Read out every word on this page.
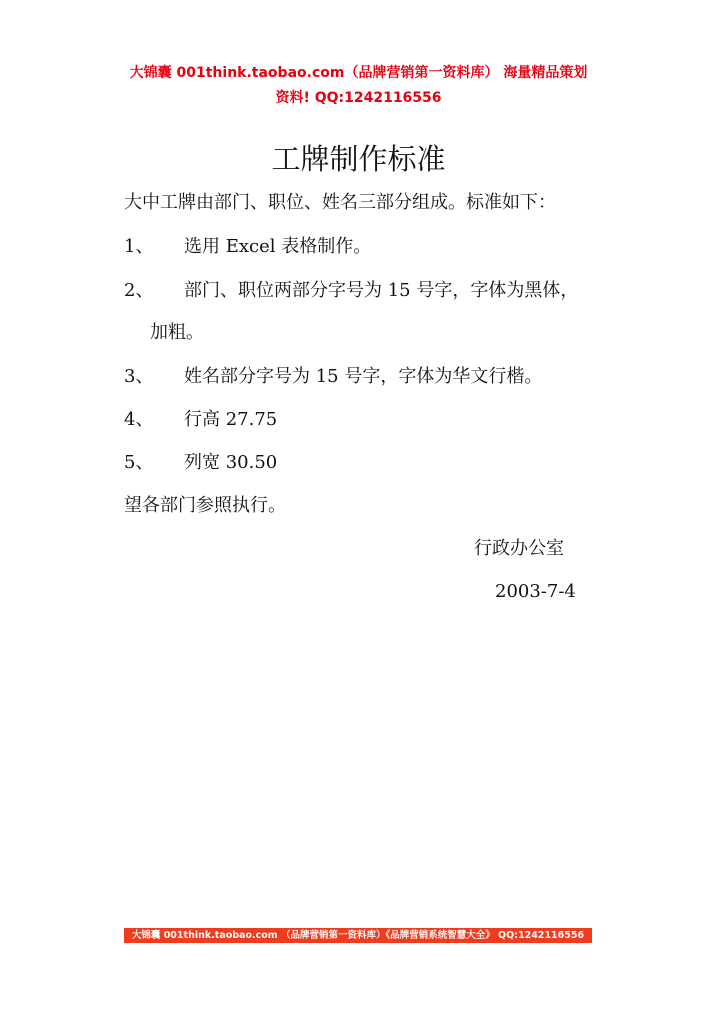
大锦囊 001think.taobao.com（品牌营销第一资料库） 海量精品策划
资料! QQ:1242116556
工牌制作标准
大中工牌由部门、职位、姓名三部分组成。标准如下：
1、 选用 Excel 表格制作。
2、 部门、职位两部分字号为 15 号字，字体为黑体，
加粗。
3、 姓名部分字号为 15 号字，字体为华文行楷。
4、 行高 27.75
5、 列宽 30.50
望各部门参照执行。
行政办公室
2003-7-4
大锦囊 001think.taobao.com （品牌营销第一资料库）《品牌营销系统智慧大全》 QQ:1242116556
